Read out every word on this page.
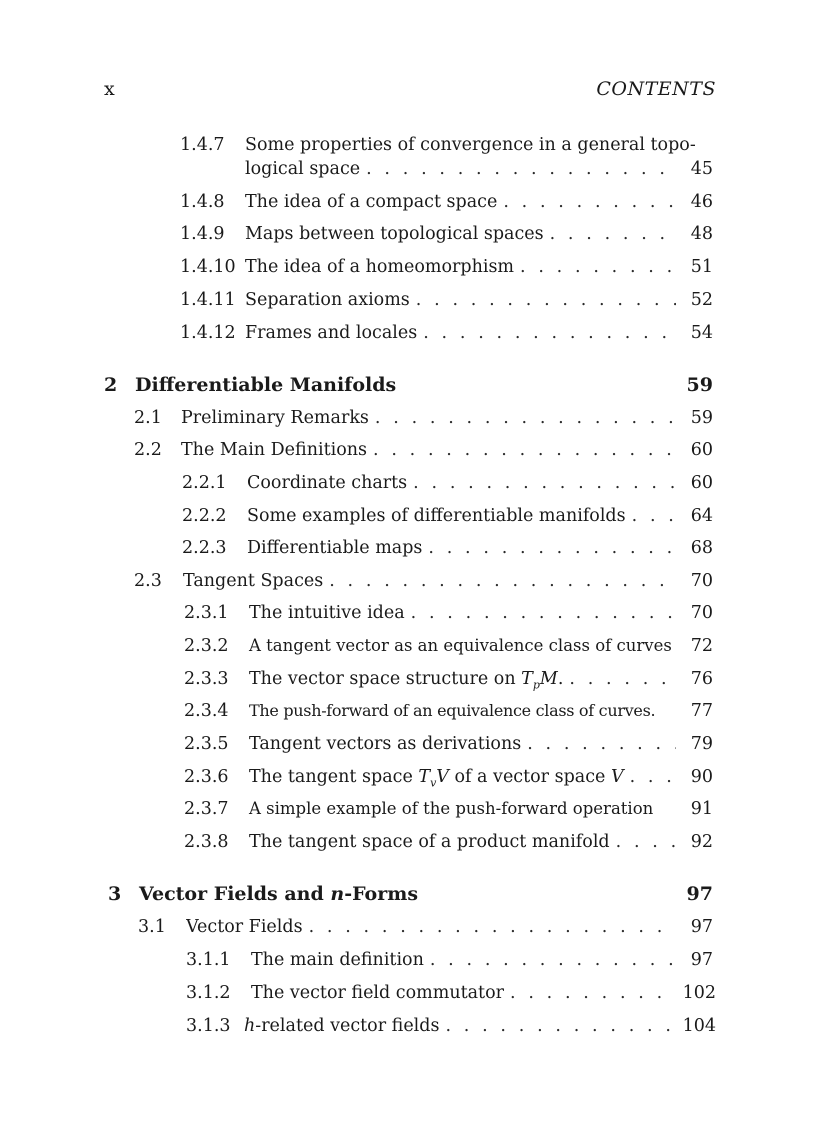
x	CONTENTS
1.4.7 Some properties of convergence in a general topo-
logical space . . .	45
1.4.8 The idea of a compact space . . .	46
1.4.9 Maps between topological spaces . . .	48
1.4.10 The idea of a homeomorphism . . .	51
1.4.11 Separation axioms . . .	52
1.4.12 Frames and locales . . .	54
2 Differentiable Manifolds	59
2.1 Preliminary Remarks . . .	59
2.2 The Main Definitions . . .	60
2.2.1 Coordinate charts . . .	60
2.2.2 Some examples of differentiable manifolds . . .	64
2.2.3 Differentiable maps . . .	68
2.3 Tangent Spaces . . .	70
2.3.1 The intuitive idea . . .	70
2.3.2 A tangent vector as an equivalence class of curves 72
2.3.3 The vector space structure on $T_pM$. . . .	76
2.3.4 The push-forward of an equivalence class of curves. 77
2.3.5 Tangent vectors as derivations . . .	79
2.3.6 The tangent space $T_vV$ of a vector space V . . .	90
2.3.7 A simple example of the push-forward operation 91
2.3.8 The tangent space of a product manifold . . .	92
3 Vector Fields and n-Forms	97
3.1 Vector Fields . . .	97
3.1.1 The main definition . . .	97
3.1.2 The vector field commutator . . .	102
3.1.3 h-related vector fields . . .	104
